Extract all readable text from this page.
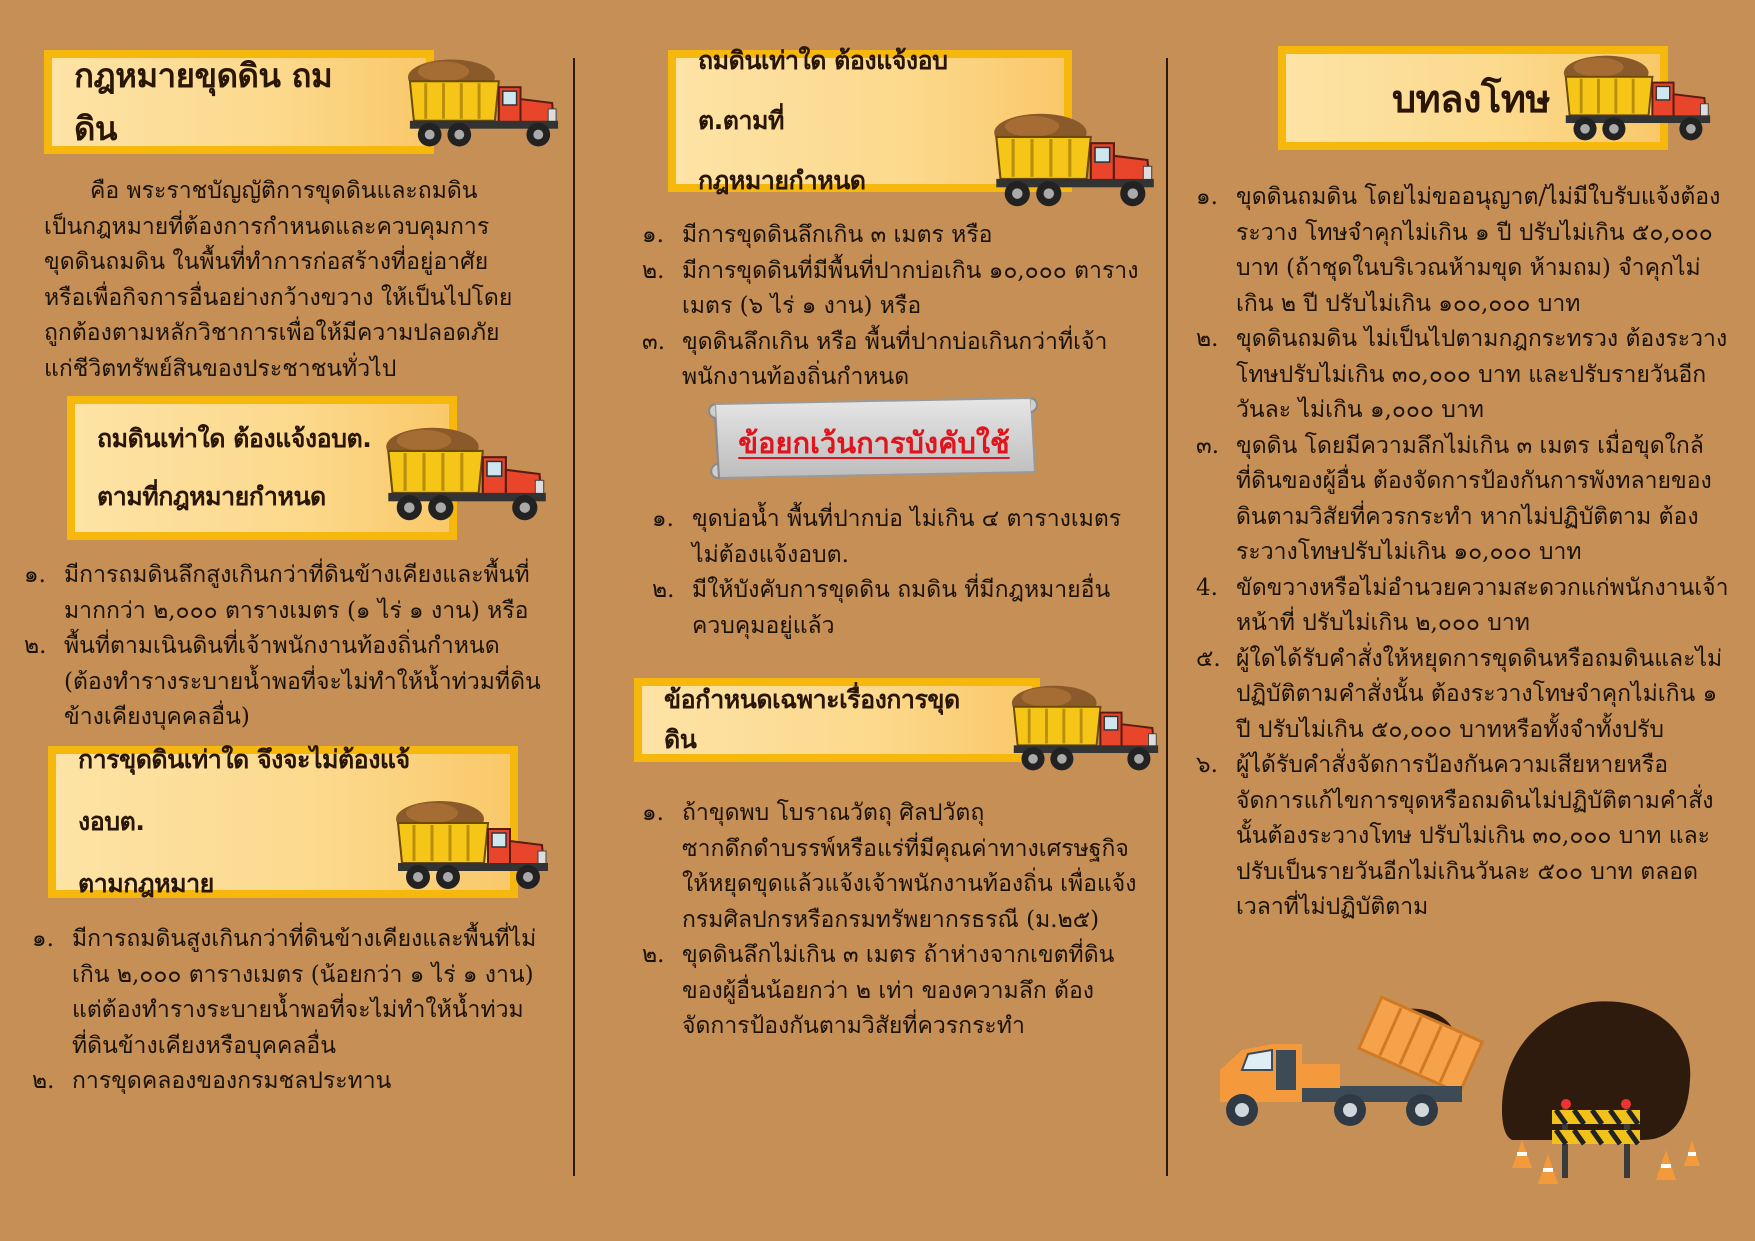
กฎหมายขุดดิน ถมดิน

คือ พระราชบัญญัติการขุดดินและถมดินเป็นกฎหมายที่ต้องการกำหนดและควบคุมการขุดดินถมดิน ในพื้นที่ทำการก่อสร้างที่อยู่อาศัยหรือเพื่อกิจการอื่นอย่างกว้างขวาง ให้เป็นไปโดยถูกต้องตามหลักวิชาการเพื่อให้มีความปลอดภัยแก่ชีวิตทรัพย์สินของประชาชนทั่วไป

ถมดินเท่าใด ต้องแจ้งอบต.
ตามที่กฎหมายกำหนด
๑. มีการถมดินลึกสูงเกินกว่าที่ดินข้างเคียงและพื้นที่มากกว่า ๒,๐๐๐ ตารางเมตร (๑ ไร่ ๑ งาน) หรือ
๒. พื้นที่ตามเนินดินที่เจ้าพนักงานท้องถิ่นกำหนด (ต้องทำรางระบายน้ำพอที่จะไม่ทำให้น้ำท่วมที่ดินข้างเคียงบุคคลอื่น)
การขุดดินเท่าใด จึงจะไม่ต้องแจ้งอบต.
ตามกฎหมาย
๑. มีการถมดินสูงเกินกว่าที่ดินข้างเคียงและพื้นที่ไม่เกิน ๒,๐๐๐ ตารางเมตร (น้อยกว่า ๑ ไร่ ๑ งาน) แต่ต้องทำรางระบายน้ำพอที่จะไม่ทำให้น้ำท่วมที่ดินข้างเคียงหรือบุคคลอื่น
๒. การขุดคลองของกรมชลประทาน
ถมดินเท่าใด ต้องแจ้งอบต.ตามที่
กฎหมายกำหนด
๑. มีการขุดดินลึกเกิน ๓ เมตร หรือ
๒. มีการขุดดินที่มีพื้นที่ปากบ่อเกิน ๑๐,๐๐๐ ตารางเมตร (๖ ไร่ ๑ งาน) หรือ
๓. ขุดดินลึกเกิน หรือ พื้นที่ปากบ่อเกินกว่าที่เจ้าพนักงานท้องถิ่นกำหนด
ข้อยกเว้นการบังคับใช้
๑. ขุดบ่อน้ำ พื้นที่ปากบ่อ ไม่เกิน ๔ ตารางเมตร ไม่ต้องแจ้งอบต.
๒. มีให้บังคับการขุดดิน ถมดิน ที่มีกฎหมายอื่นควบคุมอยู่แล้ว
ข้อกำหนดเฉพาะเรื่องการขุดดิน
๑. ถ้าขุดพบ โบราณวัตถุ ศิลปวัตถุ ซากดึกดำบรรพ์หรือแร่ที่มีคุณค่าทางเศรษฐกิจ ให้หยุดขุดแล้วแจ้งเจ้าพนักงานท้องถิ่น เพื่อแจ้งกรมศิลปกรหรือกรมทรัพยากรธรณี (ม.๒๕)
๒. ขุดดินลึกไม่เกิน ๓ เมตร ถ้าห่างจากเขตที่ดินของผู้อื่นน้อยกว่า ๒ เท่า ของความลึก ต้องจัดการป้องกันตามวิสัยที่ควรกระทำ
บทลงโทษ
๑. ขุดดินถมดิน โดยไม่ขออนุญาต/ไม่มีใบรับแจ้งต้องระวาง โทษจำคุกไม่เกิน ๑ ปี ปรับไม่เกิน ๕๐,๐๐๐ บาท (ถ้าชุดในบริเวณห้ามขุด ห้ามถม) จำคุกไม่เกิน ๒ ปี ปรับไม่เกิน ๑๐๐,๐๐๐ บาท
๒. ขุดดินถมดิน ไม่เป็นไปตามกฎกระทรวง ต้องระวางโทษปรับไม่เกิน ๓๐,๐๐๐ บาท และปรับรายวันอีกวันละ ไม่เกิน ๑,๐๐๐ บาท
๓. ขุดดิน โดยมีความลึกไม่เกิน ๓ เมตร เมื่อขุดใกล้ที่ดินของผู้อื่น ต้องจัดการป้องกันการพังทลายของดินตามวิสัยที่ควรกระทำ หากไม่ปฏิบัติตาม ต้องระวางโทษปรับไม่เกิน ๑๐,๐๐๐ บาท
4. ขัดขวางหรือไม่อำนวยความสะดวกแก่พนักงานเจ้าหน้าที่ ปรับไม่เกิน ๒,๐๐๐ บาท
๕. ผู้ใดได้รับคำสั่งให้หยุดการขุดดินหรือถมดินและไม่ปฏิบัติตามคำสั่งนั้น ต้องระวางโทษจำคุกไม่เกิน ๑ ปี ปรับไม่เกิน ๕๐,๐๐๐ บาทหรือทั้งจำทั้งปรับ
๖. ผู้ได้รับคำสั่งจัดการป้องกันความเสียหายหรือจัดการแก้ไขการขุดหรือถมดินไม่ปฏิบัติตามคำสั่งนั้นต้องระวางโทษ ปรับไม่เกิน ๓๐,๐๐๐ บาท และปรับเป็นรายวันอีกไม่เกินวันละ ๕๐๐ บาท ตลอดเวลาที่ไม่ปฏิบัติตาม
